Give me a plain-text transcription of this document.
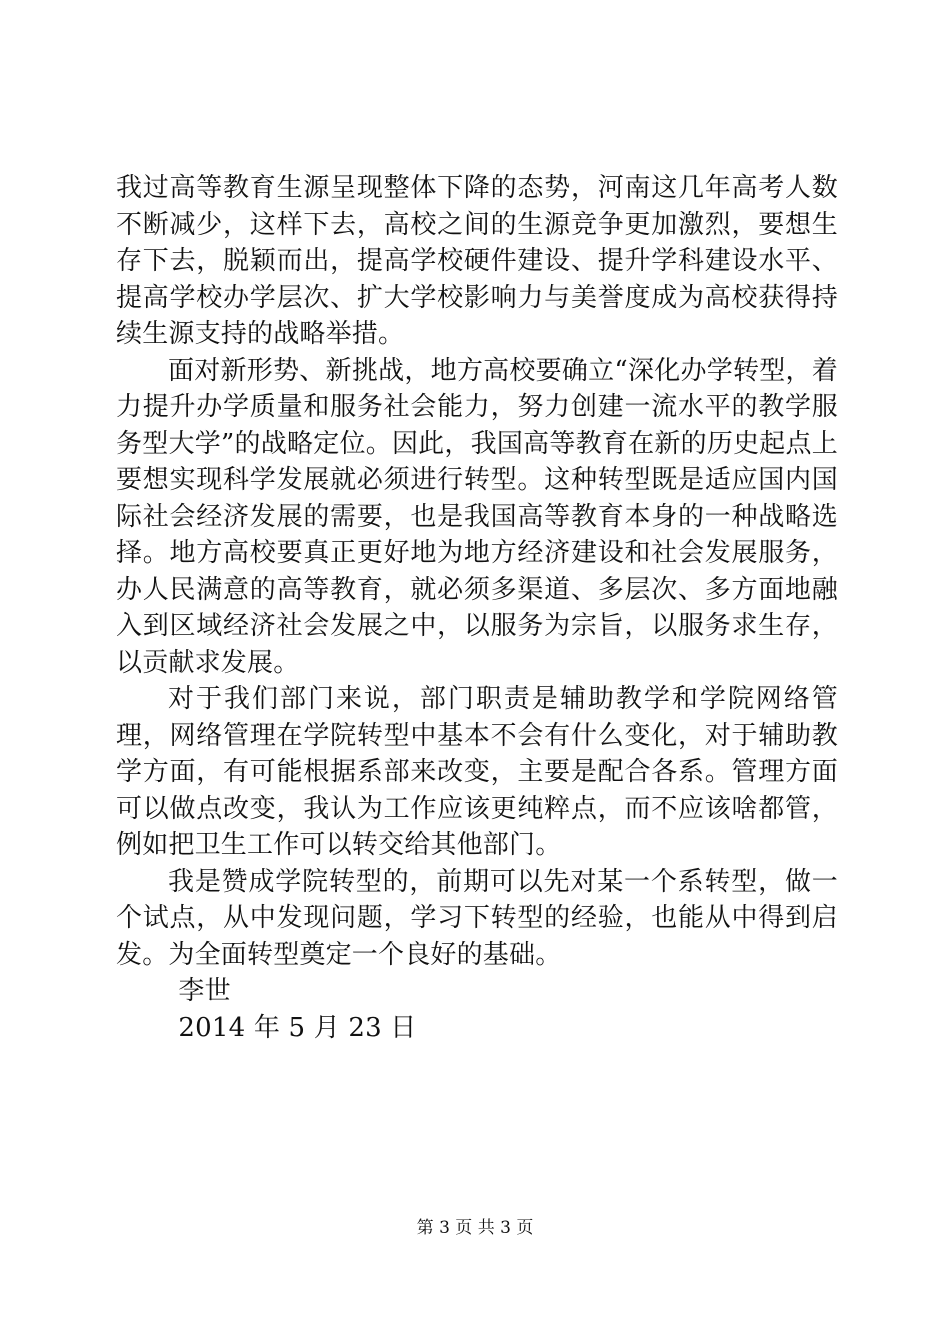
我过高等教育生源呈现整体下降的态势，河南这几年高考人数不断减少，这样下去，高校之间的生源竞争更加激烈，要想生存下去，脱颖而出，提高学校硬件建设、提升学科建设水平、提高学校办学层次、扩大学校影响力与美誉度成为高校获得持续生源支持的战略举措。

面对新形势、新挑战，地方高校要确立“深化办学转型，着力提升办学质量和服务社会能力，努力创建一流水平的教学服务型大学”的战略定位。因此，我国高等教育在新的历史起点上要想实现科学发展就必须进行转型。这种转型既是适应国内国际社会经济发展的需要，也是我国高等教育本身的一种战略选择。地方高校要真正更好地为地方经济建设和社会发展服务，办人民满意的高等教育，就必须多渠道、多层次、多方面地融入到区域经济社会发展之中，以服务为宗旨，以服务求生存，以贡献求发展。

对于我们部门来说，部门职责是辅助教学和学院网络管理，网络管理在学院转型中基本不会有什么变化，对于辅助教学方面，有可能根据系部来改变，主要是配合各系。管理方面可以做点改变，我认为工作应该更纯粹点，而不应该啥都管，例如把卫生工作可以转交给其他部门。

我是赞成学院转型的，前期可以先对某一个系转型，做一个试点，从中发现问题，学习下转型的经验，也能从中得到启发。为全面转型奠定一个良好的基础。

李世

2014 年 5 月 23 日

第 3 页 共 3 页
